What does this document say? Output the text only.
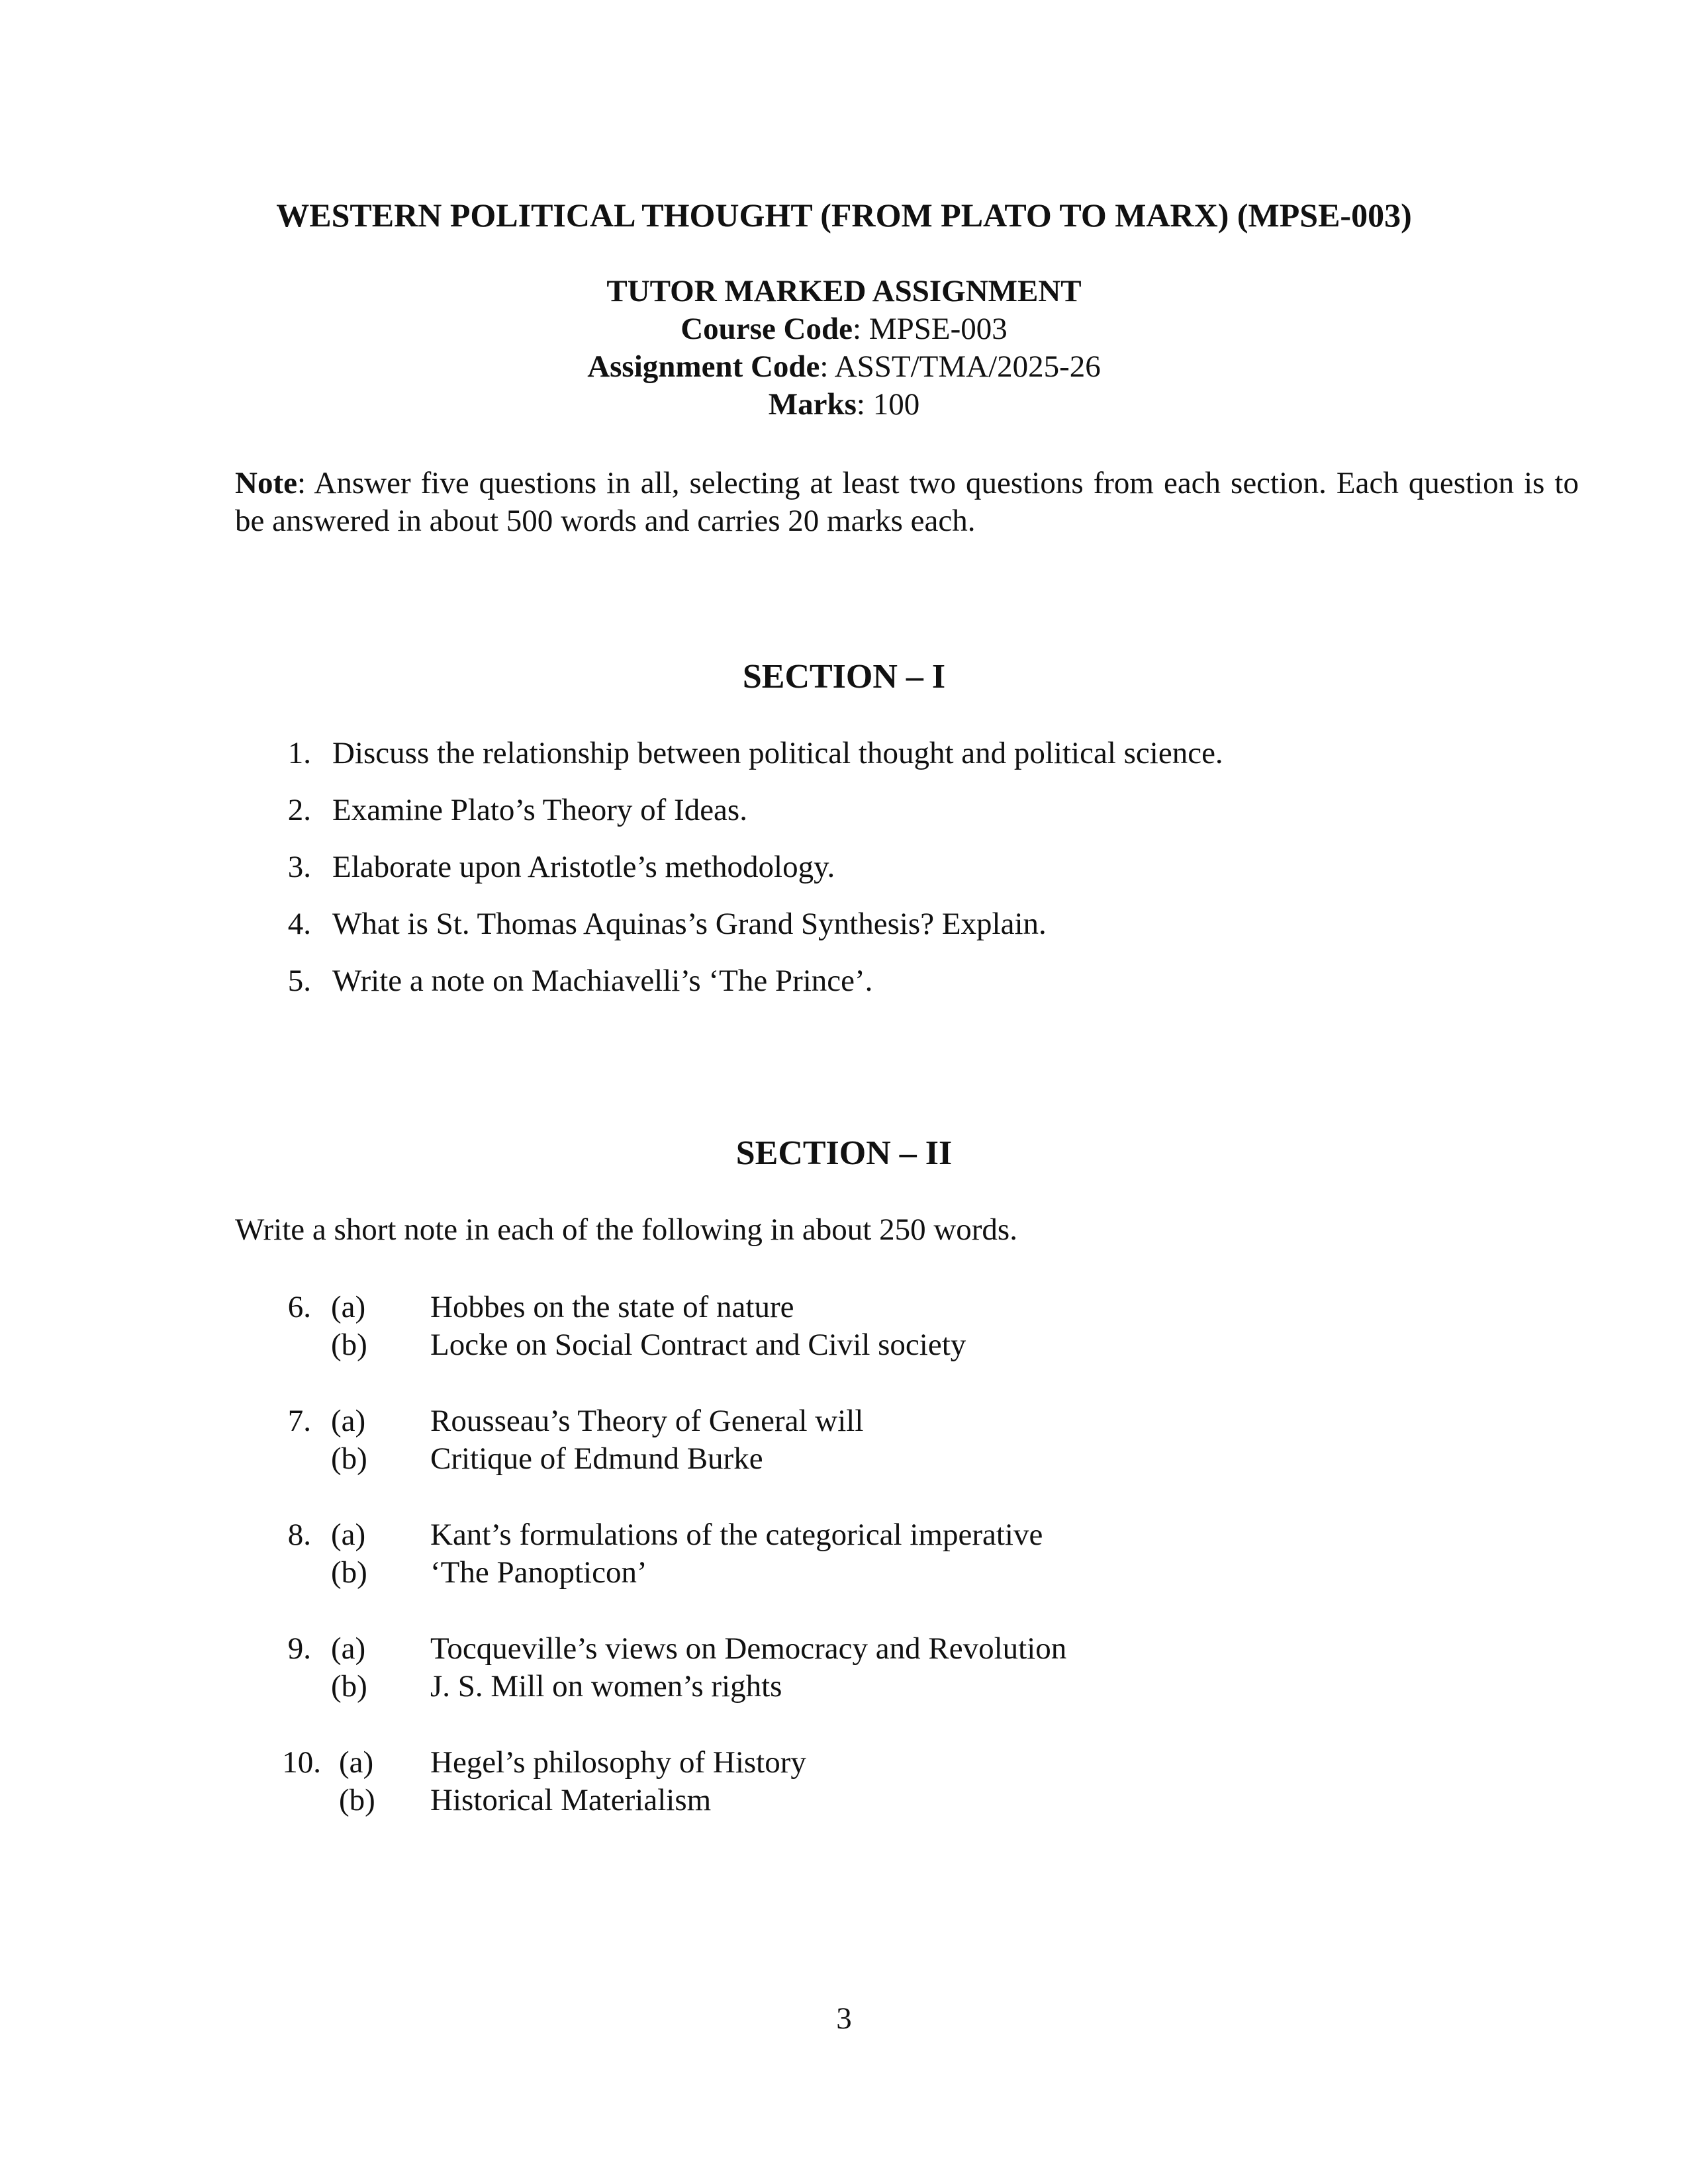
WESTERN POLITICAL THOUGHT (FROM PLATO TO MARX) (MPSE-003)
TUTOR MARKED ASSIGNMENT
Course Code: MPSE-003
Assignment Code: ASST/TMA/2025-26
Marks: 100
Note: Answer five questions in all, selecting at least two questions from each section. Each question is to be answered in about 500 words and carries 20 marks each.
SECTION – I
1. Discuss the relationship between political thought and political science.
2. Examine Plato’s Theory of Ideas.
3. Elaborate upon Aristotle’s methodology.
4. What is St. Thomas Aquinas’s Grand Synthesis? Explain.
5. Write a note on Machiavelli’s ‘The Prince’.
SECTION – II
Write a short note in each of the following in about 250 words.
6. (a) Hobbes on the state of nature
(b) Locke on Social Contract and Civil society
7. (a) Rousseau’s Theory of General will
(b) Critique of Edmund Burke
8. (a) Kant’s formulations of the categorical imperative
(b) ‘The Panopticon’
9. (a) Tocqueville’s views on Democracy and Revolution
(b) J. S. Mill on women’s rights
10. (a) Hegel’s philosophy of History
(b) Historical Materialism
3
